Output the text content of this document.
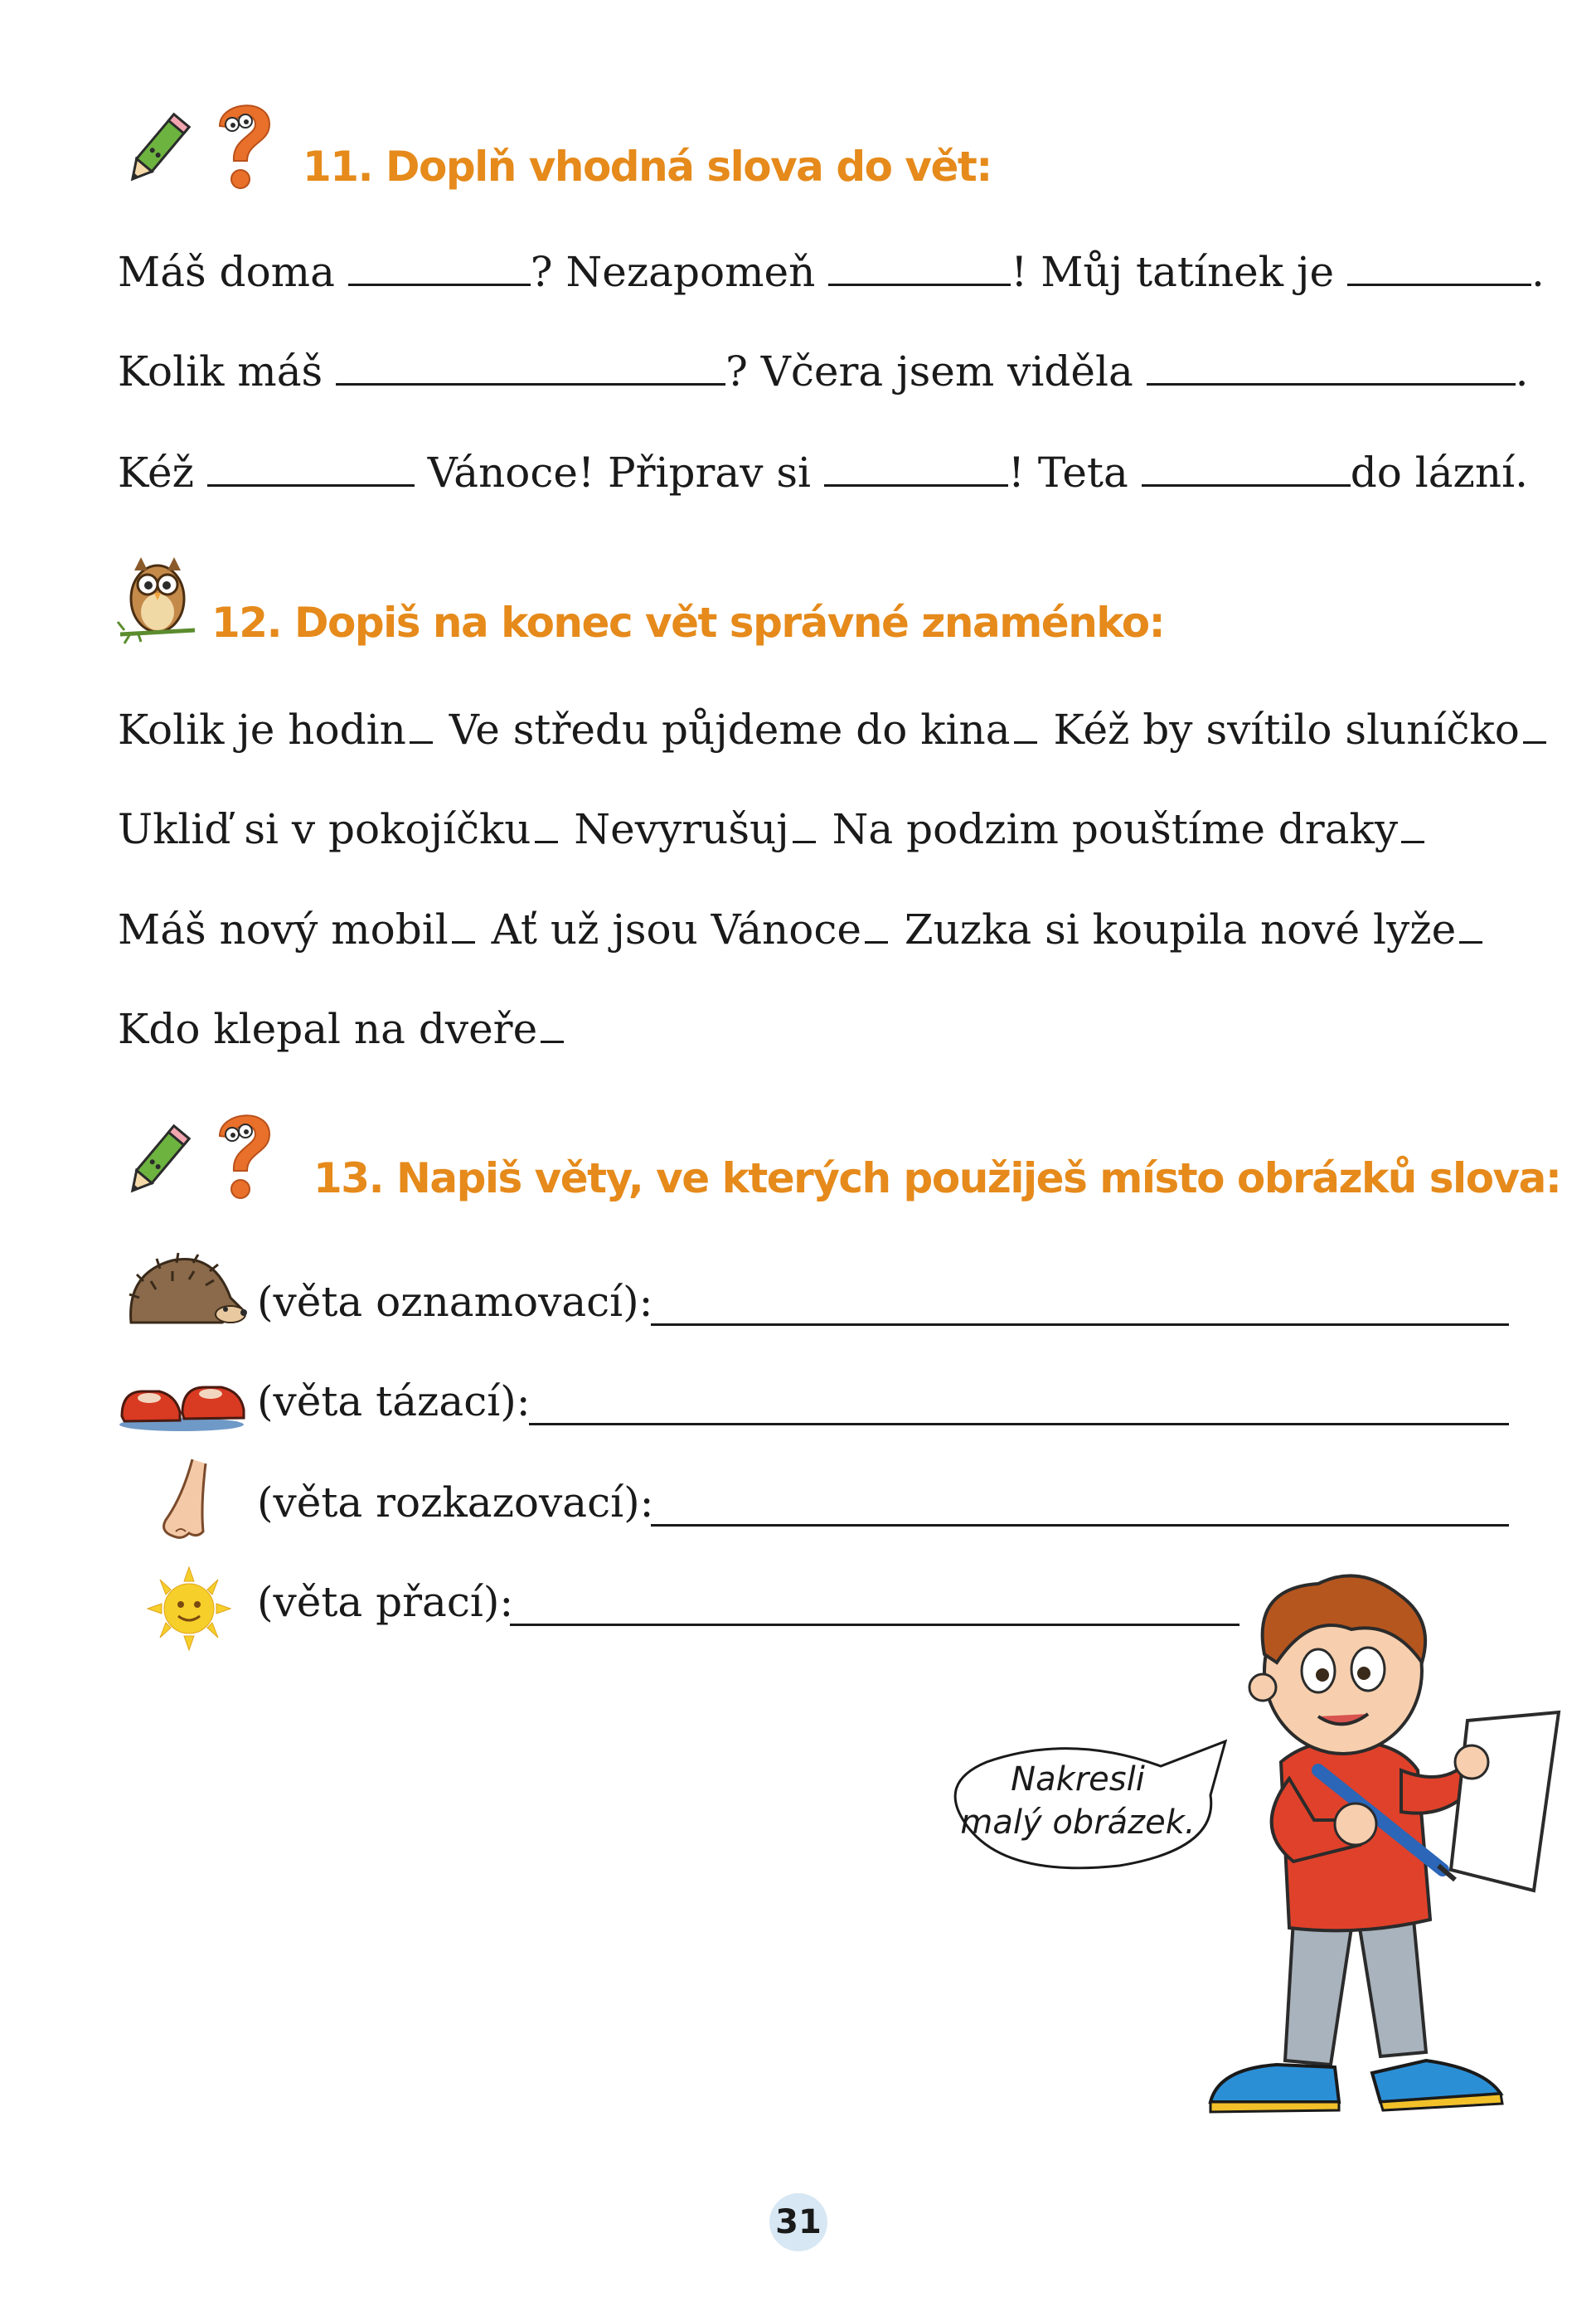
11. Doplň vhodná slova do vět:
Máš doma	? Nezapomeň	! Můj tatínek je	.
Kolik máš	? Včera jsem viděla	.
Kéž	Vánoce! Připrav si	! Teta	do lázní.
12. Dopiš na konec vět správné znaménko:
Kolik je hodin Ve středu půjdeme do kina Kéž by svítilo sluníčko
Ukliď si v pokojíčku Nevyrušuj Na podzim pouštíme draky
Máš nový mobil Ať už jsou Vánoce Zuzka si koupila nové lyže
Kdo klepal na dveře
13. Napiš věty, ve kterých použiješ místo obrázků slova:
(věta oznamovací):
(věta tázací):
(věta rozkazovací):
(věta přací):
Nakresli
malý obrázek.
31
